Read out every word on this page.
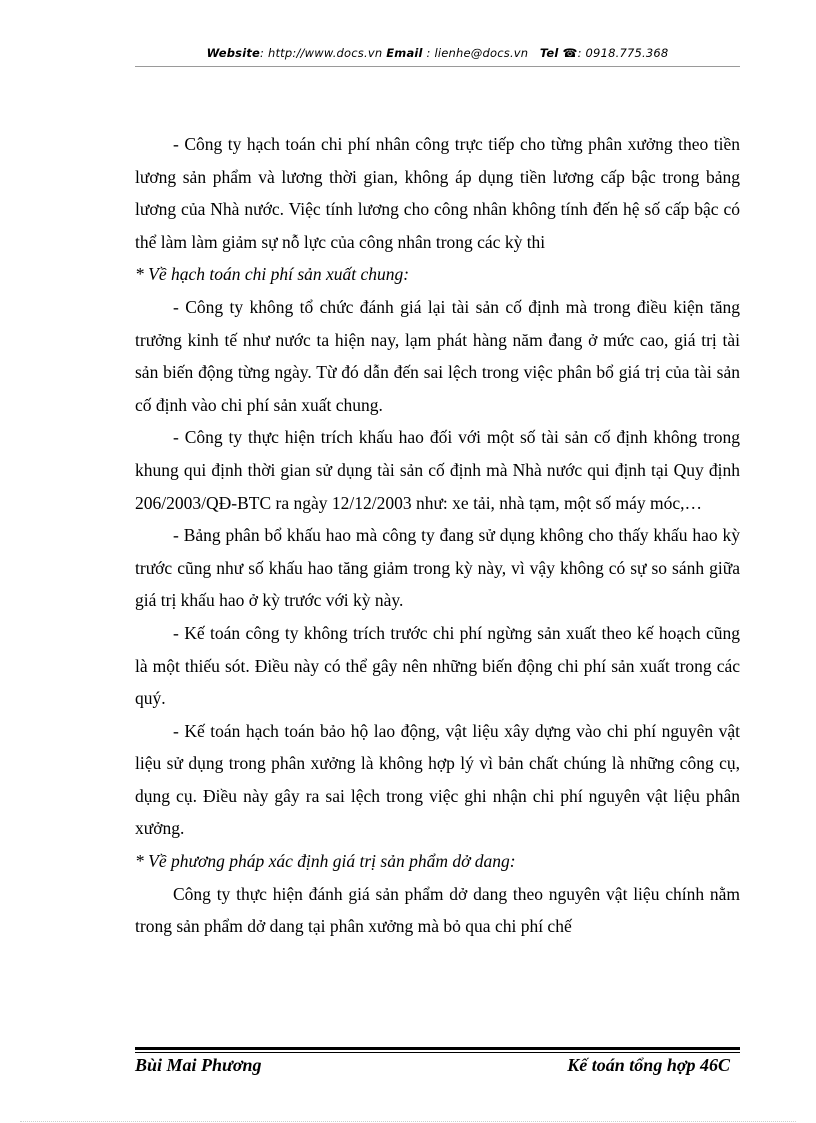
Website: http://www.docs.vn Email : lienhe@docs.vn Tel ☎: 0918.775.368

- Công ty hạch toán chi phí nhân công trực tiếp cho từng phân xưởng theo tiền lương sản phẩm và lương thời gian, không áp dụng tiền lương cấp bậc trong bảng lương của Nhà nước. Việc tính lương cho công nhân không tính đến hệ số cấp bậc có thể làm làm giảm sự nỗ lực của công nhân trong các kỳ thi

* Về hạch toán chi phí sản xuất chung:

- Công ty không tổ chức đánh giá lại tài sản cố định mà trong điều kiện tăng trưởng kinh tế như nước ta hiện nay, lạm phát hàng năm đang ở mức cao, giá trị tài sản biến động từng ngày. Từ đó dẫn đến sai lệch trong việc phân bổ giá trị của tài sản cố định vào chi phí sản xuất chung.

- Công ty thực hiện trích khấu hao đối với một số tài sản cố định không trong khung qui định thời gian sử dụng tài sản cố định mà Nhà nước qui định tại Quy định 206/2003/QĐ-BTC ra ngày 12/12/2003 như: xe tải, nhà tạm, một số máy móc,…

- Bảng phân bổ khấu hao mà công ty đang sử dụng không cho thấy khấu hao kỳ trước cũng như số khấu hao tăng giảm trong kỳ này, vì vậy không có sự so sánh giữa giá trị khấu hao ở kỳ trước với kỳ này.

- Kế toán công ty không trích trước chi phí ngừng sản xuất theo kế hoạch cũng là một thiếu sót. Điều này có thể gây nên những biến động chi phí sản xuất trong các quý.

- Kế toán hạch toán bảo hộ lao động, vật liệu xây dựng vào chi phí nguyên vật liệu sử dụng trong phân xưởng là không hợp lý vì bản chất chúng là những công cụ, dụng cụ. Điều này gây ra sai lệch trong việc ghi nhận chi phí nguyên vật liệu phân xưởng.

* Về phương pháp xác định giá trị sản phẩm dở dang:

Công ty thực hiện đánh giá sản phẩm dở dang theo nguyên vật liệu chính nằm trong sản phẩm dở dang tại phân xưởng mà bỏ qua chi phí chế

Bùi Mai Phương	Kế toán tổng hợp 46C
